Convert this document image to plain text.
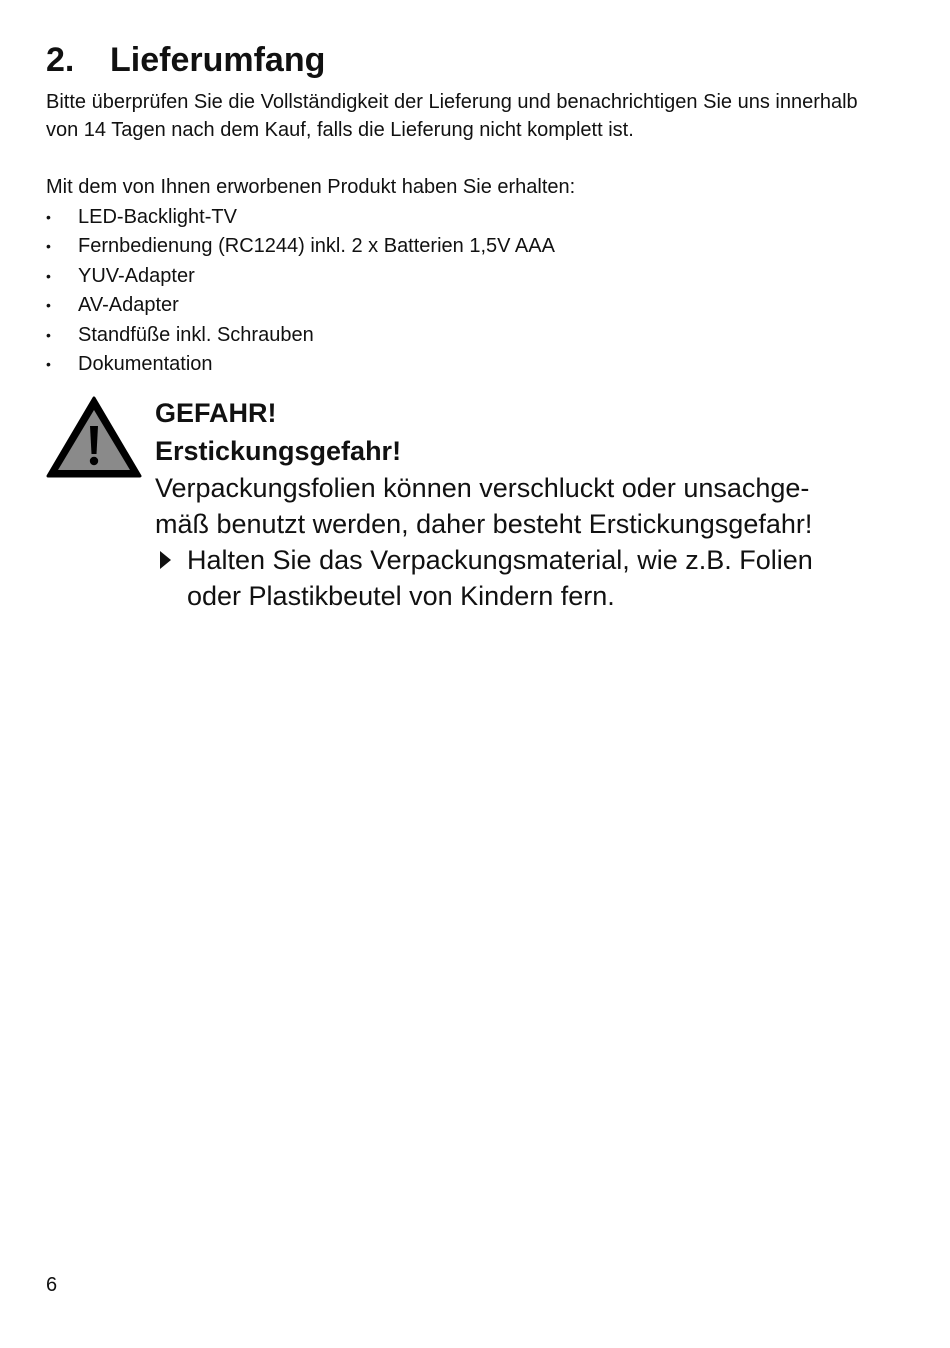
2. Lieferumfang

Bitte überprüfen Sie die Vollständigkeit der Lieferung und benachrichtigen Sie uns innerhalb von 14 Tagen nach dem Kauf, falls die Lieferung nicht komplett ist.

Mit dem von Ihnen erworbenen Produkt haben Sie erhalten:

• LED-Backlight-TV
• Fernbedienung (RC1244) inkl. 2 x Batterien 1,5V AAA
• YUV-Adapter
• AV-Adapter
• Standfüße inkl. Schrauben
• Dokumentation

GEFAHR!

Erstickungsgefahr!

Verpackungsfolien können verschluckt oder unsachgemäß benutzt werden, daher besteht Erstickungsgefahr!

Halten Sie das Verpackungsmaterial, wie z.B. Folien oder Plastikbeutel von Kindern fern.

6
